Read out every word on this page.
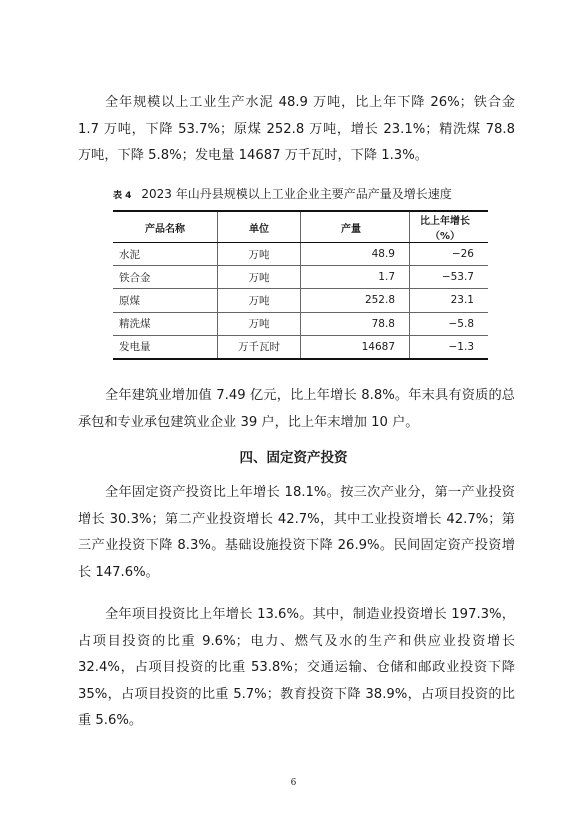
全年规模以上工业生产水泥 48.9 万吨，比上年下降 26%；铁合金 1.7 万吨，下降 53.7%；原煤 252.8 万吨，增长 23.1%；精洗煤 78.8 万吨，下降 5.8%；发电量 14687 万千瓦时，下降 1.3%。

表 4 2023 年山丹县规模以上工业企业主要产品产量及增长速度
产品名称	单位	产量	比上年增长（%）
水泥	万吨	48.9	−26
铁合金	万吨	1.7	−53.7
原煤	万吨	252.8	23.1
精洗煤	万吨	78.8	−5.8
发电量	万千瓦时	14687	−1.3

全年建筑业增加值 7.49 亿元，比上年增长 8.8%。年末具有资质的总承包和专业承包建筑业企业 39 户，比上年末增加 10 户。

四、固定资产投资

全年固定资产投资比上年增长 18.1%。按三次产业分，第一产业投资增长 30.3%；第二产业投资增长 42.7%，其中工业投资增长 42.7%；第三产业投资下降 8.3%。基础设施投资下降 26.9%。民间固定资产投资增长 147.6%。

全年项目投资比上年增长 13.6%。其中，制造业投资增长 197.3%，占项目投资的比重 9.6%；电力、燃气及水的生产和供应业投资增长 32.4%，占项目投资的比重 53.8%；交通运输、仓储和邮政业投资下降 35%，占项目投资的比重 5.7%；教育投资下降 38.9%，占项目投资的比重 5.6%。

6
